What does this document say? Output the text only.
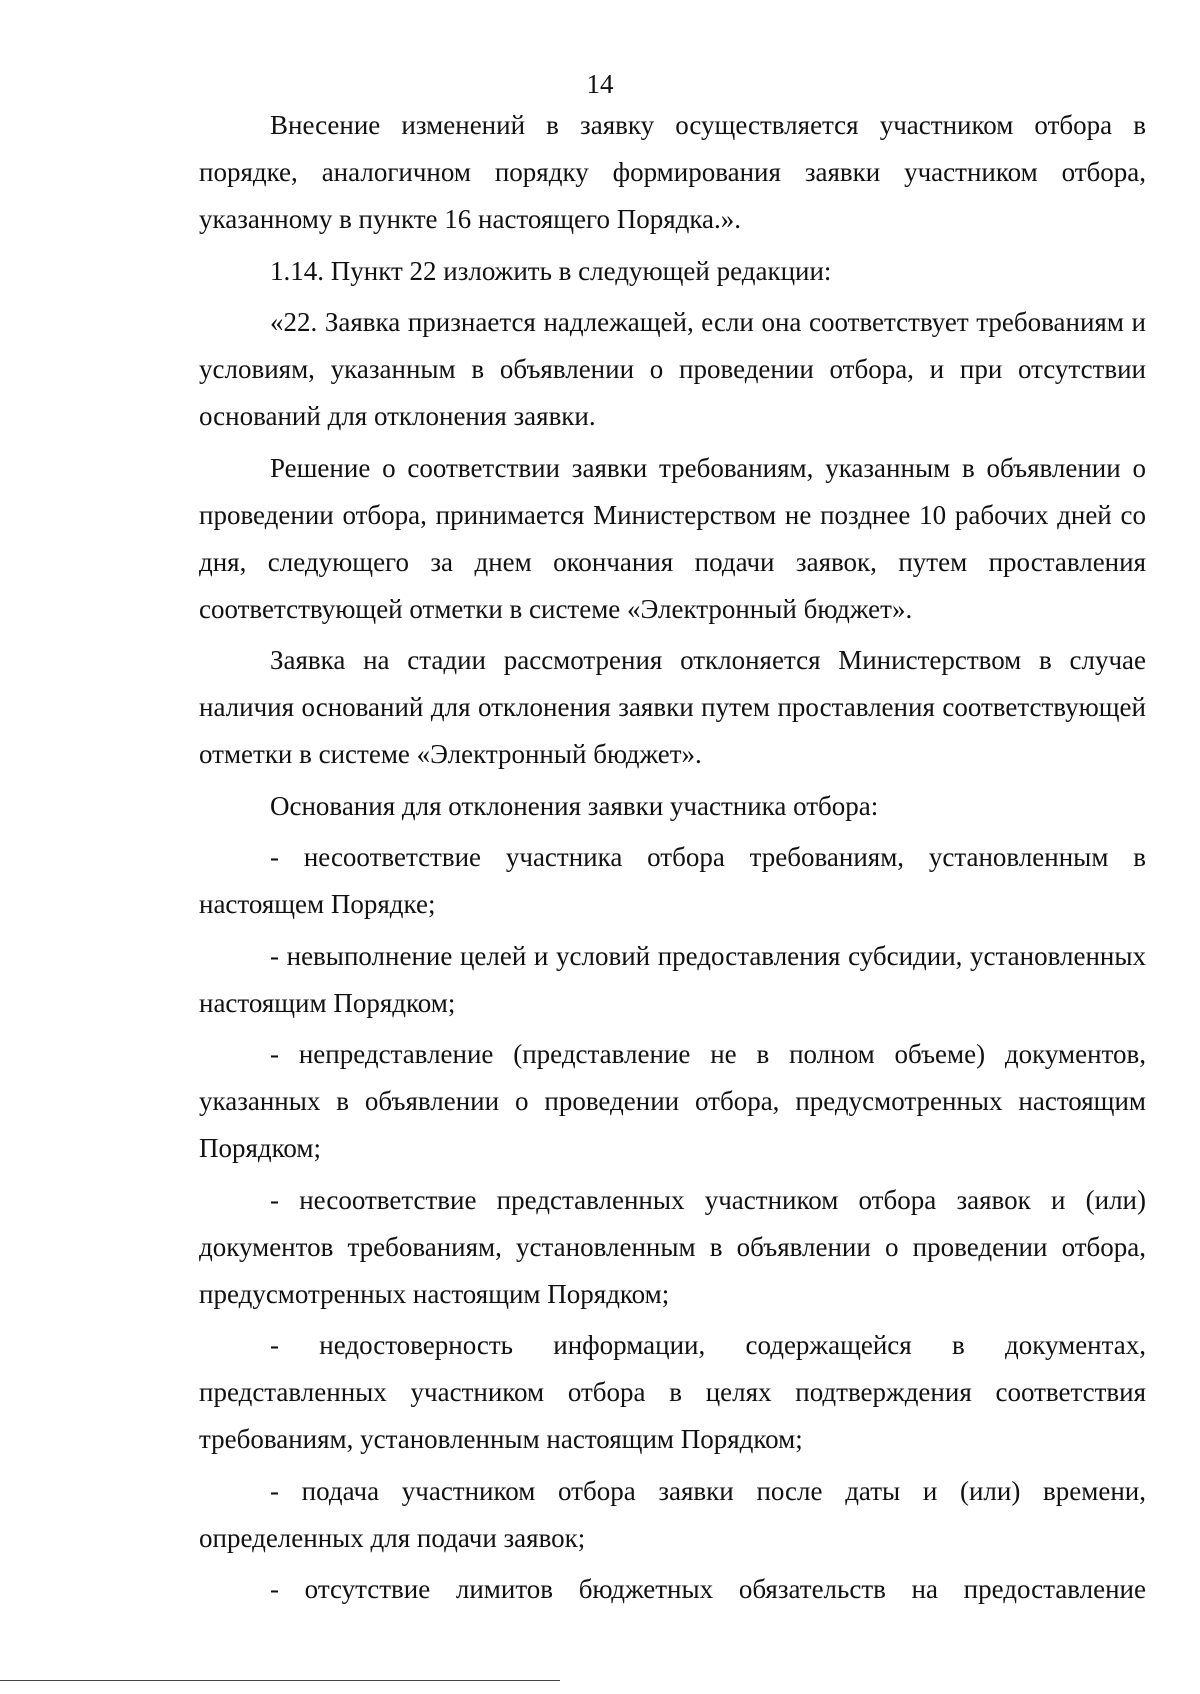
14

Внесение изменений в заявку осуществляется участником отбора в порядке, аналогичном порядку формирования заявки участником отбора, указанному в пункте 16 настоящего Порядка.».

1.14. Пункт 22 изложить в следующей редакции:

«22. Заявка признается надлежащей, если она соответствует требованиям и условиям, указанным в объявлении о проведении отбора, и при отсутствии оснований для отклонения заявки.

Решение о соответствии заявки требованиям, указанным в объявлении о проведении отбора, принимается Министерством не позднее 10 рабочих дней со дня, следующего за днем окончания подачи заявок, путем проставления соответствующей отметки в системе «Электронный бюджет».

Заявка на стадии рассмотрения отклоняется Министерством в случае наличия оснований для отклонения заявки путем проставления соответствующей отметки в системе «Электронный бюджет».

Основания для отклонения заявки участника отбора:

- несоответствие участника отбора требованиям, установленным в настоящем Порядке;

- невыполнение целей и условий предоставления субсидии, установленных настоящим Порядком;

- непредставление (представление не в полном объеме) документов, указанных в объявлении о проведении отбора, предусмотренных настоящим Порядком;

- несоответствие представленных участником отбора заявок и (или) документов требованиям, установленным в объявлении о проведении отбора, предусмотренных настоящим Порядком;

- недостоверность информации, содержащейся в документах, представленных участником отбора в целях подтверждения соответствия требованиям, установленным настоящим Порядком;

- подача участником отбора заявки после даты и (или) времени, определенных для подачи заявок;

- отсутствие лимитов бюджетных обязательств на предоставление
